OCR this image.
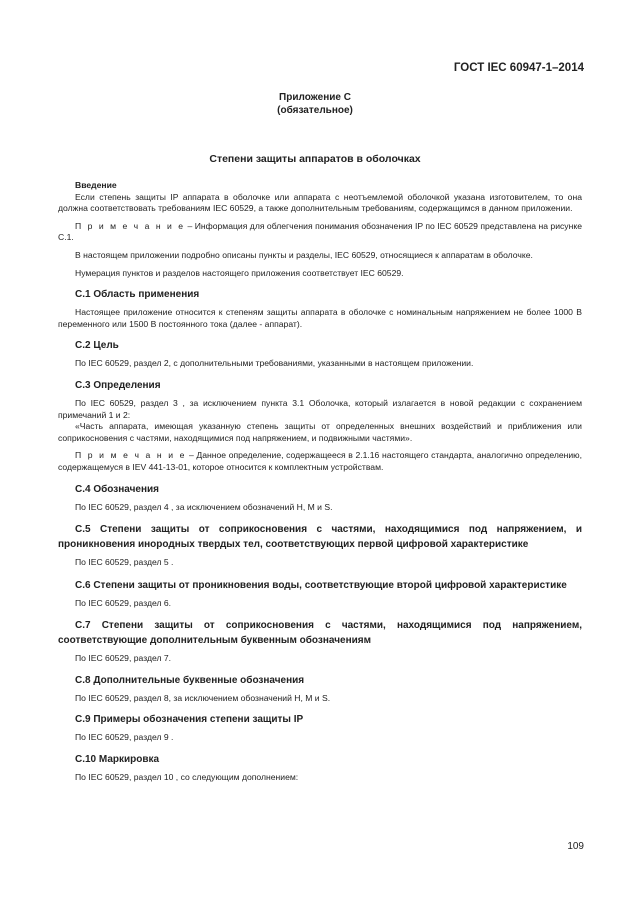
ГОСТ IEC 60947-1–2014
Приложение С
(обязательное)
Степени защиты аппаратов в оболочках
Введение

Если степень защиты IP аппарата в оболочке или аппарата с неотъемлемой оболочкой указана изготовителем, то она должна соответствовать требованиям IEC 60529, а также дополнительным требованиям, содержащимся в данном приложении.

П р и м е ч а н и е – Информация для облегчения понимания обозначения IP по IEC 60529 представлена на рисунке С.1.

В настоящем приложении подробно описаны пункты и разделы, IEC 60529, относящиеся к аппаратам в оболочке.

Нумерация пунктов и разделов настоящего приложения соответствует IEC 60529.

С.1 Область применения

Настоящее приложение относится к степеням защиты аппарата в оболочке с номинальным напряжением не более 1000 В переменного или 1500 В постоянного тока (далее - аппарат).

С.2 Цель

По IEC 60529, раздел 2, с дополнительными требованиями, указанными в настоящем приложении.

С.3 Определения

По IEC 60529, раздел 3 , за исключением пункта 3.1 Оболочка, который излагается в новой редакции с сохранением примечаний 1 и 2:

«Часть аппарата, имеющая указанную степень защиты от определенных внешних воздействий и приближения или соприкосновения с частями, находящимися под напряжением, и подвижными частями».

П р и м е ч а н и е – Данное определение, содержащееся в 2.1.16 настоящего стандарта, аналогично определению, содержащемуся в IEV 441-13-01, которое относится к комплектным устройствам.

С.4 Обозначения

По IEC 60529, раздел 4 , за исключением обозначений H, M и S.

С.5 Степени защиты от соприкосновения с частями, находящимися под напряжением, и проникновения инородных твердых тел, соответствующих первой цифровой характеристике

По IEC 60529, раздел 5 .

С.6 Степени защиты от проникновения воды, соответствующие второй цифровой характеристике

По IEC 60529, раздел 6.

С.7 Степени защиты от соприкосновения с частями, находящимися под напряжением, соответствующие дополнительным буквенным обозначениям

По IEC 60529, раздел 7.

С.8 Дополнительные буквенные обозначения

По IEC 60529, раздел 8, за исключением обозначений H, M и S.

С.9 Примеры обозначения степени защиты IP

По IEC 60529, раздел 9 .

С.10 Маркировка

По IEC 60529, раздел 10 , со следующим дополнением:

109
